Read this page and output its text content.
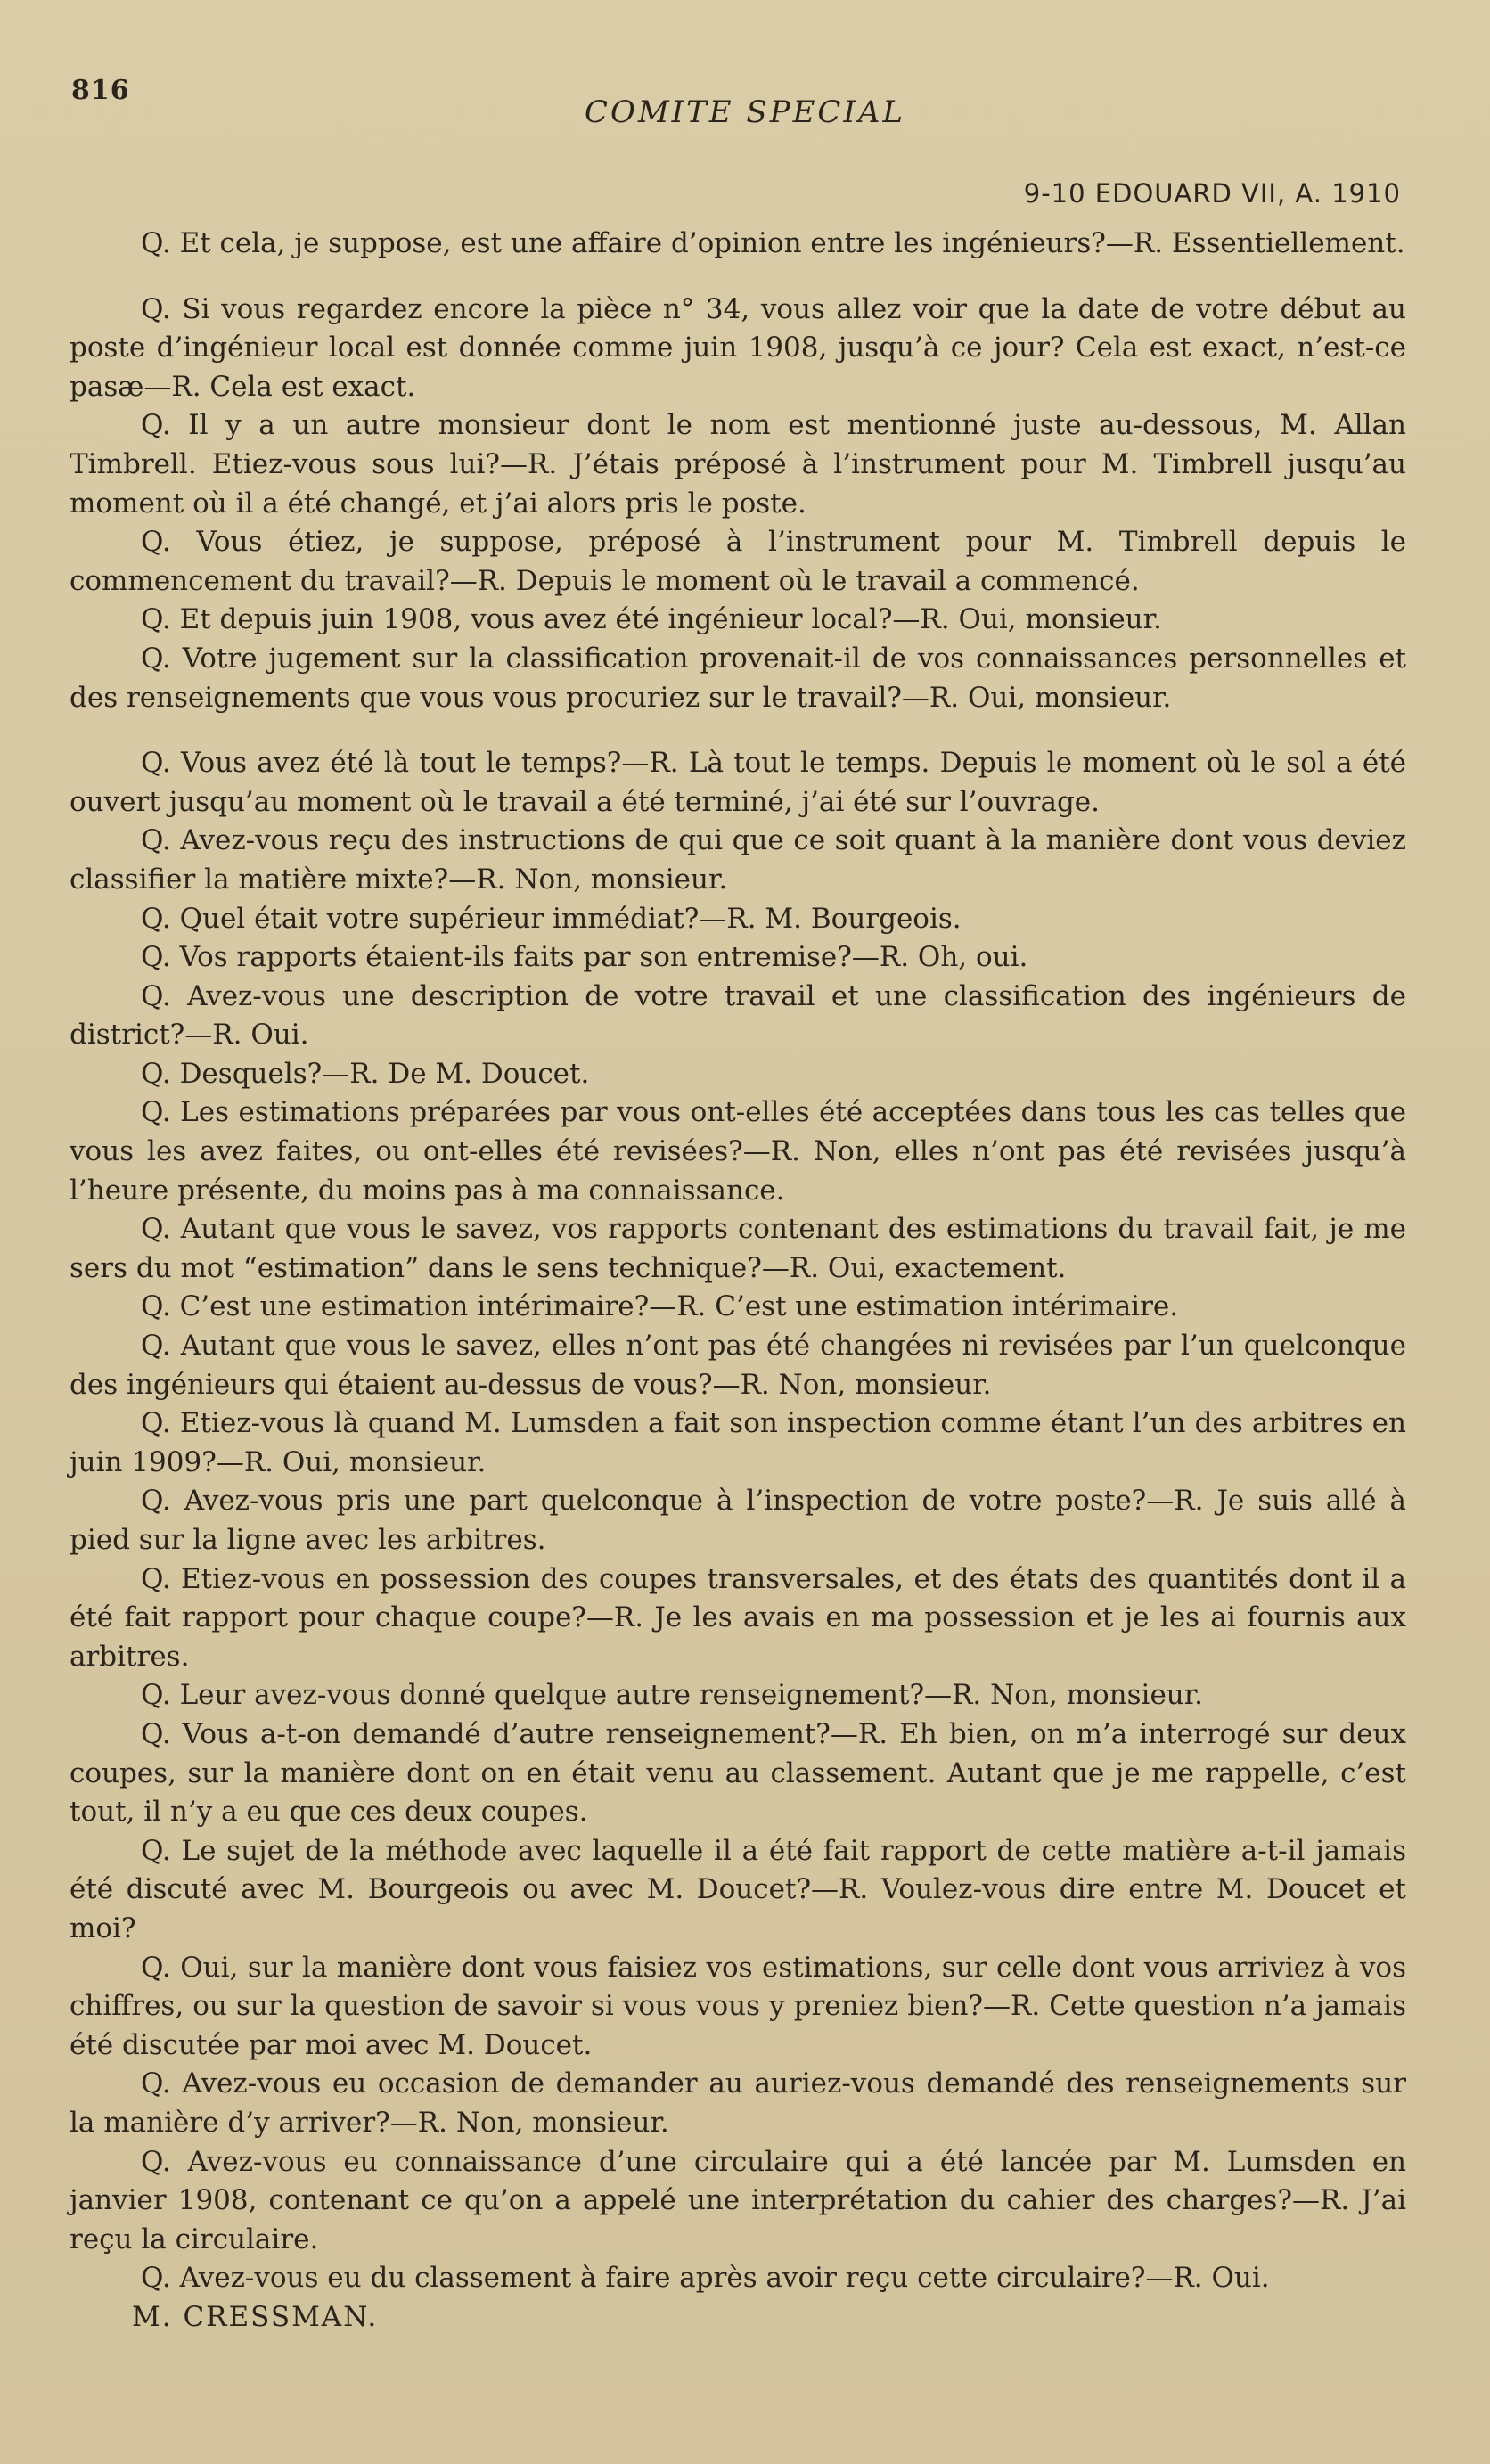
816
COMITE SPECIAL
9-10 EDOUARD VII, A. 1910

Q. Et cela, je suppose, est une affaire d’opinion entre les ingénieurs?—R. Essentiellement.

Q. Si vous regardez encore la pièce n° 34, vous allez voir que la date de votre début au poste d’ingénieur local est donnée comme juin 1908, jusqu’à ce jour? Cela est exact, n’est-ce pasæ—R. Cela est exact.

Q. Il y a un autre monsieur dont le nom est mentionné juste au-dessous, M. Allan Timbrell. Etiez-vous sous lui?—R. J’étais préposé à l’instrument pour M. Timbrell jusqu’au moment où il a été changé, et j’ai alors pris le poste.

Q. Vous étiez, je suppose, préposé à l’instrument pour M. Timbrell depuis le commencement du travail?—R. Depuis le moment où le travail a commencé.

Q. Et depuis juin 1908, vous avez été ingénieur local?—R. Oui, monsieur.

Q. Votre jugement sur la classification provenait-il de vos connaissances personnelles et des renseignements que vous vous procuriez sur le travail?—R. Oui, monsieur.

Q. Vous avez été là tout le temps?—R. Là tout le temps. Depuis le moment où le sol a été ouvert jusqu’au moment où le travail a été terminé, j’ai été sur l’ouvrage.

Q. Avez-vous reçu des instructions de qui que ce soit quant à la manière dont vous deviez classifier la matière mixte?—R. Non, monsieur.

Q. Quel était votre supérieur immédiat?—R. M. Bourgeois.

Q. Vos rapports étaient-ils faits par son entremise?—R. Oh, oui.

Q. Avez-vous une description de votre travail et une classification des ingénieurs de district?—R. Oui.

Q. Desquels?—R. De M. Doucet.

Q. Les estimations préparées par vous ont-elles été acceptées dans tous les cas telles que vous les avez faites, ou ont-elles été revisées?—R. Non, elles n’ont pas été revisées jusqu’à l’heure présente, du moins pas à ma connaissance.

Q. Autant que vous le savez, vos rapports contenant des estimations du travail fait, je me sers du mot “estimation” dans le sens technique?—R. Oui, exactement.

Q. C’est une estimation intérimaire?—R. C’est une estimation intérimaire.

Q. Autant que vous le savez, elles n’ont pas été changées ni revisées par l’un quelconque des ingénieurs qui étaient au-dessus de vous?—R. Non, monsieur.

Q. Etiez-vous là quand M. Lumsden a fait son inspection comme étant l’un des arbitres en juin 1909?—R. Oui, monsieur.

Q. Avez-vous pris une part quelconque à l’inspection de votre poste?—R. Je suis allé à pied sur la ligne avec les arbitres.

Q. Etiez-vous en possession des coupes transversales, et des états des quantités dont il a été fait rapport pour chaque coupe?—R. Je les avais en ma possession et je les ai fournis aux arbitres.

Q. Leur avez-vous donné quelque autre renseignement?—R. Non, monsieur.

Q. Vous a-t-on demandé d’autre renseignement?—R. Eh bien, on m’a interrogé sur deux coupes, sur la manière dont on en était venu au classement. Autant que je me rappelle, c’est tout, il n’y a eu que ces deux coupes.

Q. Le sujet de la méthode avec laquelle il a été fait rapport de cette matière a-t-il jamais été discuté avec M. Bourgeois ou avec M. Doucet?—R. Voulez-vous dire entre M. Doucet et moi?

Q. Oui, sur la manière dont vous faisiez vos estimations, sur celle dont vous arriviez à vos chiffres, ou sur la question de savoir si vous vous y preniez bien?—R. Cette question n’a jamais été discutée par moi avec M. Doucet.

Q. Avez-vous eu occasion de demander au auriez-vous demandé des renseignements sur la manière d’y arriver?—R. Non, monsieur.

Q. Avez-vous eu connaissance d’une circulaire qui a été lancée par M. Lumsden en janvier 1908, contenant ce qu’on a appelé une interprétation du cahier des charges?—R. J’ai reçu la circulaire.

Q. Avez-vous eu du classement à faire après avoir reçu cette circulaire?—R. Oui.

M. CRESSMAN.
